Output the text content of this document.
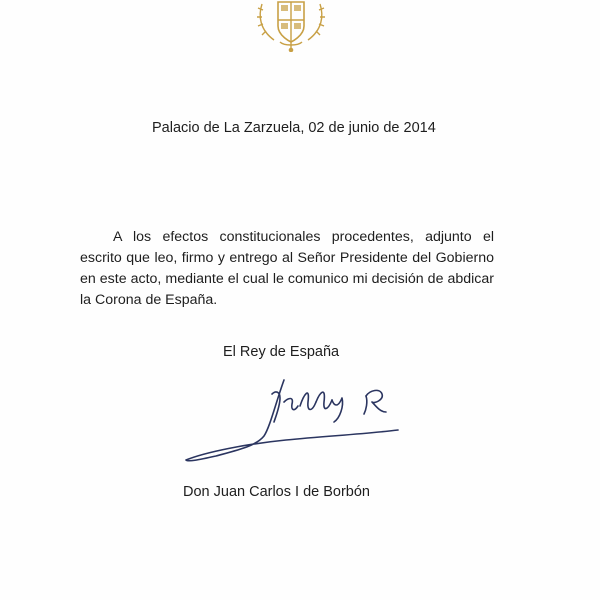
Palacio de La Zarzuela, 02 de junio de 2014
A los efectos constitucionales procedentes, adjunto el escrito que leo, firmo y entrego al Señor Presidente del Gobierno en este acto, mediante el cual le comunico mi decisión de abdicar la Corona de España.
El Rey de España
Don Juan Carlos I de Borbón
